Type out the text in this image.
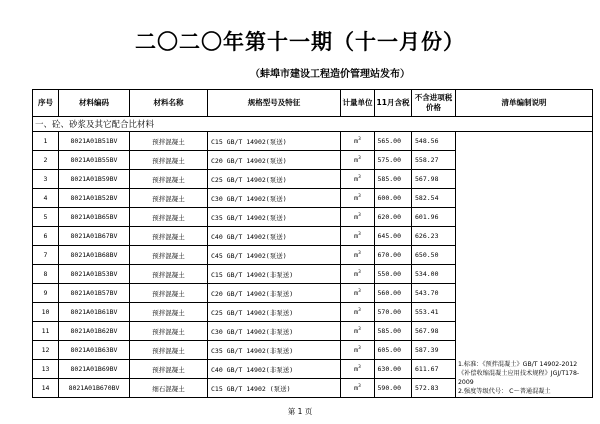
二〇二〇年第十一期（十一月份）
（蚌埠市建设工程造价管理站发布）
序号	材料编码	材料名称	规格型号及特征	计量单位	11月含税	不含进项税价格	清单编制说明
一、砼、砂浆及其它配合比材料							
1	8021A01B51BV	预拌混凝土	C15 GB/T 14902(泵送)	$m^3$	565.00	548.56	1.标准：《预拌混凝土》GB/T 14902-2012
《补偿收缩混凝土应用技术规程》JGJ/T178-2009
2.强度等级代号： C～普通混凝土

2	8021A01B55BV	预拌混凝土	C20 GB/T 14902(泵送)	$m^3$	575.00	558.27	
3	8021A01B59BV	预拌混凝土	C25 GB/T 14902(泵送)	$m^3$	585.00	567.98	
4	8021A01B52BV	预拌混凝土	C30 GB/T 14902(泵送)	$m^3$	600.00	582.54	
5	8021A01B65BV	预拌混凝土	C35 GB/T 14902(泵送)	$m^3$	620.00	601.96	
6	8021A01B67BV	预拌混凝土	C40 GB/T 14902(泵送)	$m^3$	645.00	626.23	
7	8021A01B68BV	预拌混凝土	C45 GB/T 14902(泵送)	$m^3$	670.00	650.50	
8	8021A01B53BV	预拌混凝土	C15 GB/T 14902(非泵送)	$m^3$	550.00	534.00	
9	8021A01B57BV	预拌混凝土	C20 GB/T 14902(非泵送)	$m^3$	560.00	543.70	
10	8021A01B61BV	预拌混凝土	C25 GB/T 14902(非泵送)	$m^3$	570.00	553.41	
11	8021A01B62BV	预拌混凝土	C30 GB/T 14902(非泵送)	$m^3$	585.00	567.98	
12	8021A01B63BV	预拌混凝土	C35 GB/T 14902(非泵送)	$m^3$	605.00	587.39	
13	8021A01B69BV	预拌混凝土	C40 GB/T 14902(非泵送)	$m^3$	630.00	611.67	
14	8021A01B670BV	细石混凝土	C15 GB/T 14902 (泵送)	$m^3$	590.00	572.83	
第 1 页
